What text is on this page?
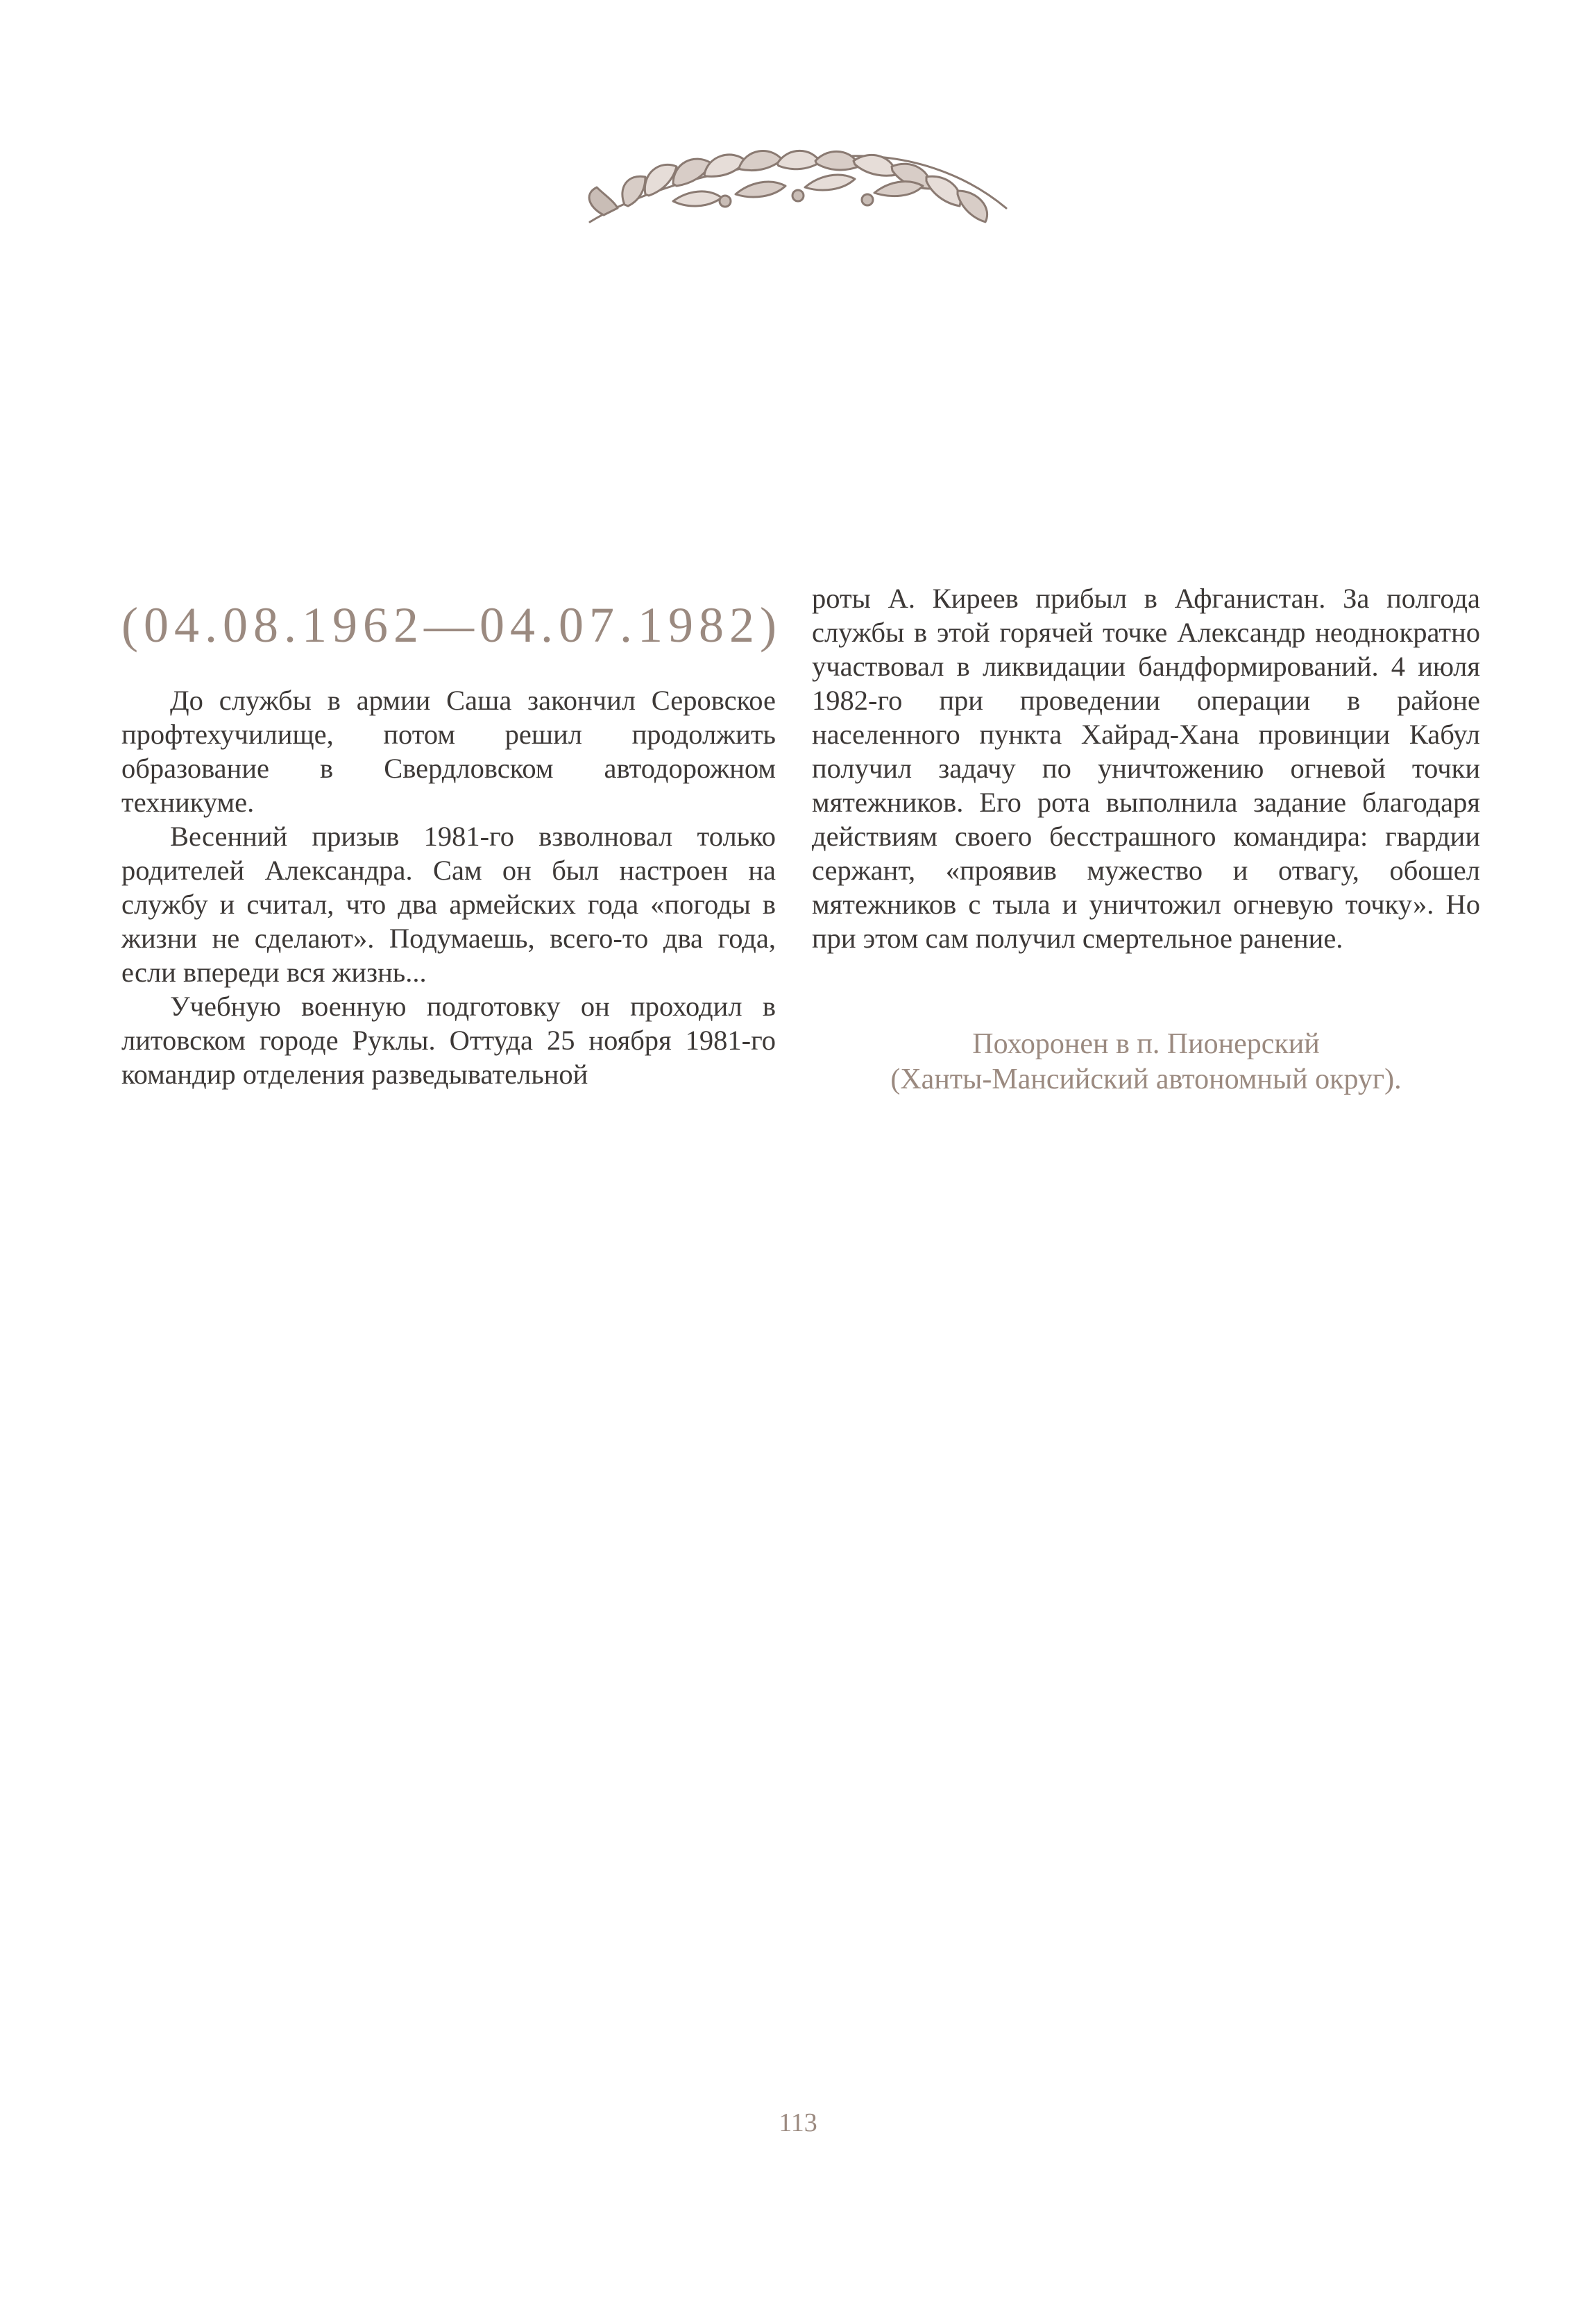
(04.08.1962—04.07.1982)

До службы в армии Саша закончил Серовское профтехучилище, потом решил продолжить образование в Свердловском автодорожном техникуме.

Весенний призыв 1981-го взволновал только родителей Александра. Сам он был настроен на службу и считал, что два армейских года «погоды в жизни не сделают». Подумаешь, всего-то два года, если впереди вся жизнь...

Учебную военную подготовку он проходил в литовском городе Руклы. Оттуда 25 ноября 1981-го командир отделения разведывательной

роты А. Киреев прибыл в Афганистан. За полгода службы в этой горячей точке Александр неоднократно участвовал в ликвидации бандформирований. 4 июля 1982-го при проведении операции в районе населенного пункта Хайрад-Хана провинции Кабул получил задачу по уничтожению огневой точки мятежников. Его рота выполнила задание благодаря действиям своего бесстрашного командира: гвардии сержант, «проявив мужество и отвагу, обошел мятежников с тыла и уничтожил огневую точку». Но при этом сам получил смертельное ранение.

Похоронен в п. Пионерский
(Ханты-Мансийский автономный округ).
113
